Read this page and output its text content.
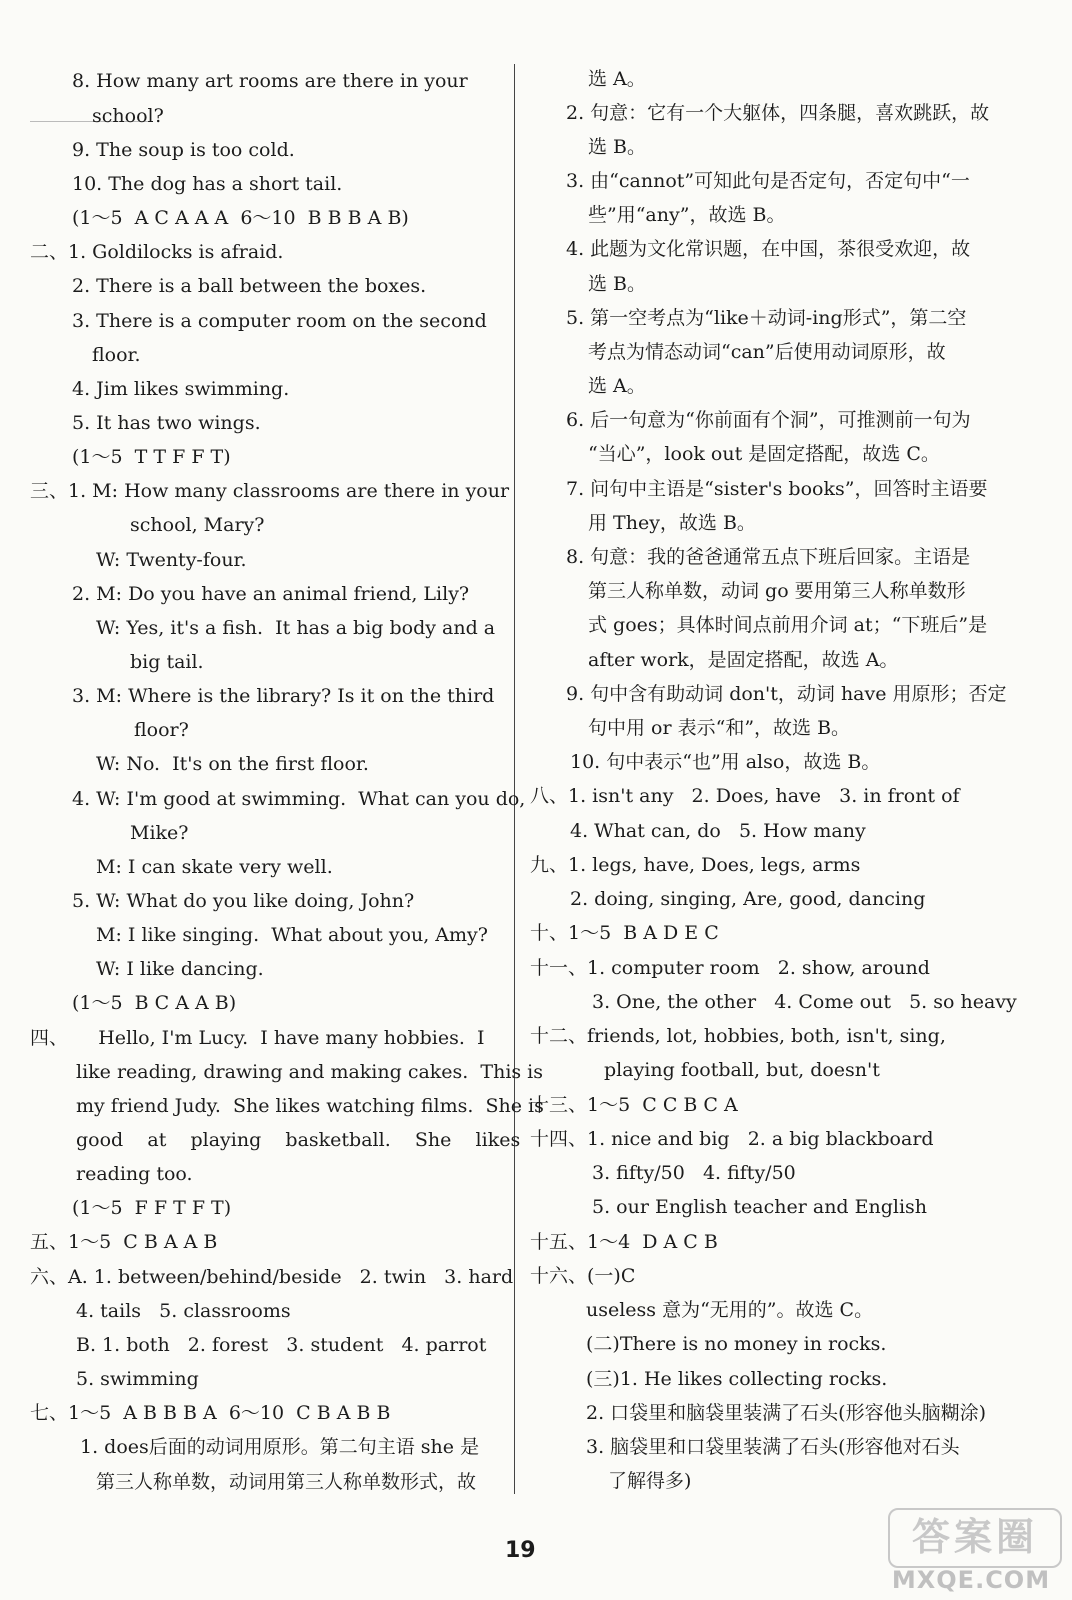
8. How many art rooms are there in your
school?
9. The soup is too cold.
10. The dog has a short tail.
(1～5  A C A A A  6～10  B B B A B)
二、1. Goldilocks is afraid.
2. There is a ball between the boxes.
3. There is a computer room on the second
floor.
4. Jim likes swimming.
5. It has two wings.
(1～5  T T F F T)
三、1. M: How many classrooms are there in your
school, Mary?
W: Twenty-four.
2. M: Do you have an animal friend, Lily?
W: Yes, it's a fish.  It has a big body and a
big tail.
3. M: Where is the library? Is it on the third
floor?
W: No.  It's on the first floor.
4. W: I'm good at swimming.  What can you do,
Mike?
M: I can skate very well.
5. W: What do you like doing, John?
M: I like singing.  What about you, Amy?
W: I like dancing.
(1～5  B C A A B)
四、     Hello, I'm Lucy.  I have many hobbies.  I
like reading, drawing and making cakes.  This is
my friend Judy.  She likes watching films.  She is
good    at    playing    basketball.    She    likes
reading too.
(1～5  F F T F T)
五、1～5  C B A A B
六、A. 1. between/behind/beside   2. twin   3. hard
4. tails   5. classrooms
B. 1. both   2. forest   3. student   4. parrot
5. swimming
七、1～5  A B B B A  6～10  C B A B B
1. does后面的动词用原形。第二句主语 she 是
第三人称单数，动词用第三人称单数形式，故
选 A。
2. 句意：它有一个大躯体，四条腿，喜欢跳跃，故
选 B。
3. 由“cannot”可知此句是否定句，否定句中“一
些”用“any”，故选 B。
4. 此题为文化常识题，在中国，茶很受欢迎，故
选 B。
5. 第一空考点为“like＋动词-ing形式”，第二空
考点为情态动词“can”后使用动词原形，故
选 A。
6. 后一句意为“你前面有个洞”，可推测前一句为
“当心”，look out 是固定搭配，故选 C。
7. 问句中主语是“sister's books”，回答时主语要
用 They，故选 B。
8. 句意：我的爸爸通常五点下班后回家。主语是
第三人称单数，动词 go 要用第三人称单数形
式 goes；具体时间点前用介词 at；“下班后”是
after work，是固定搭配，故选 A。
9. 句中含有助动词 don't，动词 have 用原形；否定
句中用 or 表示“和”，故选 B。
10. 句中表示“也”用 also，故选 B。
八、1. isn't any   2. Does, have   3. in front of
4. What can, do   5. How many
九、1. legs, have, Does, legs, arms
2. doing, singing, Are, good, dancing
十、1～5  B A D E C
十一、1. computer room   2. show, around
3. One, the other   4. Come out   5. so heavy
十二、friends, lot, hobbies, both, isn't, sing,
playing football, but, doesn't
十三、1～5  C C B C A
十四、1. nice and big   2. a big blackboard
3. fifty/50   4. fifty/50
5. our English teacher and English
十五、1～4  D A C B
十六、(一)C
useless 意为“无用的”。故选 C。
(二)There is no money in rocks.
(三)1. He likes collecting rocks.
2. 口袋里和脑袋里装满了石头(形容他头脑糊涂)
3. 脑袋里和口袋里装满了石头(形容他对石头
了解得多)
19	答案圈
MXQE.COM
